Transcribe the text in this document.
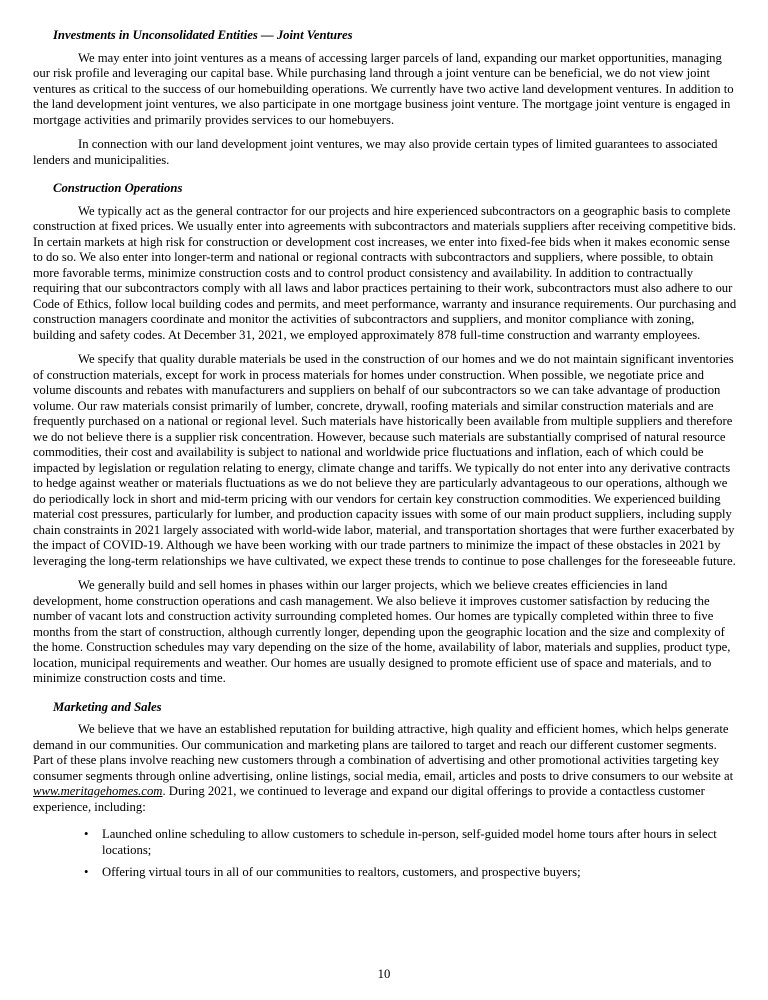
Investments in Unconsolidated Entities — Joint Ventures

We may enter into joint ventures as a means of accessing larger parcels of land, expanding our market opportunities, managing our risk profile and leveraging our capital base. While purchasing land through a joint venture can be beneficial, we do not view joint ventures as critical to the success of our homebuilding operations. We currently have two active land development ventures. In addition to the land development joint ventures, we also participate in one mortgage business joint venture. The mortgage joint venture is engaged in mortgage activities and primarily provides services to our homebuyers.

In connection with our land development joint ventures, we may also provide certain types of limited guarantees to associated lenders and municipalities.

Construction Operations

We typically act as the general contractor for our projects and hire experienced subcontractors on a geographic basis to complete construction at fixed prices. We usually enter into agreements with subcontractors and materials suppliers after receiving competitive bids. In certain markets at high risk for construction or development cost increases, we enter into fixed-fee bids when it makes economic sense to do so. We also enter into longer-term and national or regional contracts with subcontractors and suppliers, where possible, to obtain more favorable terms, minimize construction costs and to control product consistency and availability. In addition to contractually requiring that our subcontractors comply with all laws and labor practices pertaining to their work, subcontractors must also adhere to our Code of Ethics, follow local building codes and permits, and meet performance, warranty and insurance requirements. Our purchasing and construction managers coordinate and monitor the activities of subcontractors and suppliers, and monitor compliance with zoning, building and safety codes. At December 31, 2021, we employed approximately 878 full-time construction and warranty employees.

We specify that quality durable materials be used in the construction of our homes and we do not maintain significant inventories of construction materials, except for work in process materials for homes under construction. When possible, we negotiate price and volume discounts and rebates with manufacturers and suppliers on behalf of our subcontractors so we can take advantage of production volume. Our raw materials consist primarily of lumber, concrete, drywall, roofing materials and similar construction materials and are frequently purchased on a national or regional level. Such materials have historically been available from multiple suppliers and therefore we do not believe there is a supplier risk concentration. However, because such materials are substantially comprised of natural resource commodities, their cost and availability is subject to national and worldwide price fluctuations and inflation, each of which could be impacted by legislation or regulation relating to energy, climate change and tariffs. We typically do not enter into any derivative contracts to hedge against weather or materials fluctuations as we do not believe they are particularly advantageous to our operations, although we do periodically lock in short and mid-term pricing with our vendors for certain key construction commodities. We experienced building material cost pressures, particularly for lumber, and production capacity issues with some of our main product suppliers, including supply chain constraints in 2021 largely associated with world-wide labor, material, and transportation shortages that were further exacerbated by the impact of COVID-19. Although we have been working with our trade partners to minimize the impact of these obstacles in 2021 by leveraging the long-term relationships we have cultivated, we expect these trends to continue to pose challenges for the foreseeable future.

We generally build and sell homes in phases within our larger projects, which we believe creates efficiencies in land development, home construction operations and cash management. We also believe it improves customer satisfaction by reducing the number of vacant lots and construction activity surrounding completed homes. Our homes are typically completed within three to five months from the start of construction, although currently longer, depending upon the geographic location and the size and complexity of the home. Construction schedules may vary depending on the size of the home, availability of labor, materials and supplies, product type, location, municipal requirements and weather. Our homes are usually designed to promote efficient use of space and materials, and to minimize construction costs and time.

Marketing and Sales

We believe that we have an established reputation for building attractive, high quality and efficient homes, which helps generate demand in our communities. Our communication and marketing plans are tailored to target and reach our different customer segments. Part of these plans involve reaching new customers through a combination of advertising and other promotional activities targeting key consumer segments through online advertising, online listings, social media, email, articles and posts to drive consumers to our website at www.meritagehomes.com. During 2021, we continued to leverage and expand our digital offerings to provide a contactless customer experience, including:

• Launched online scheduling to allow customers to schedule in-person, self-guided model home tours after hours in select locations;
• Offering virtual tours in all of our communities to realtors, customers, and prospective buyers;
10
